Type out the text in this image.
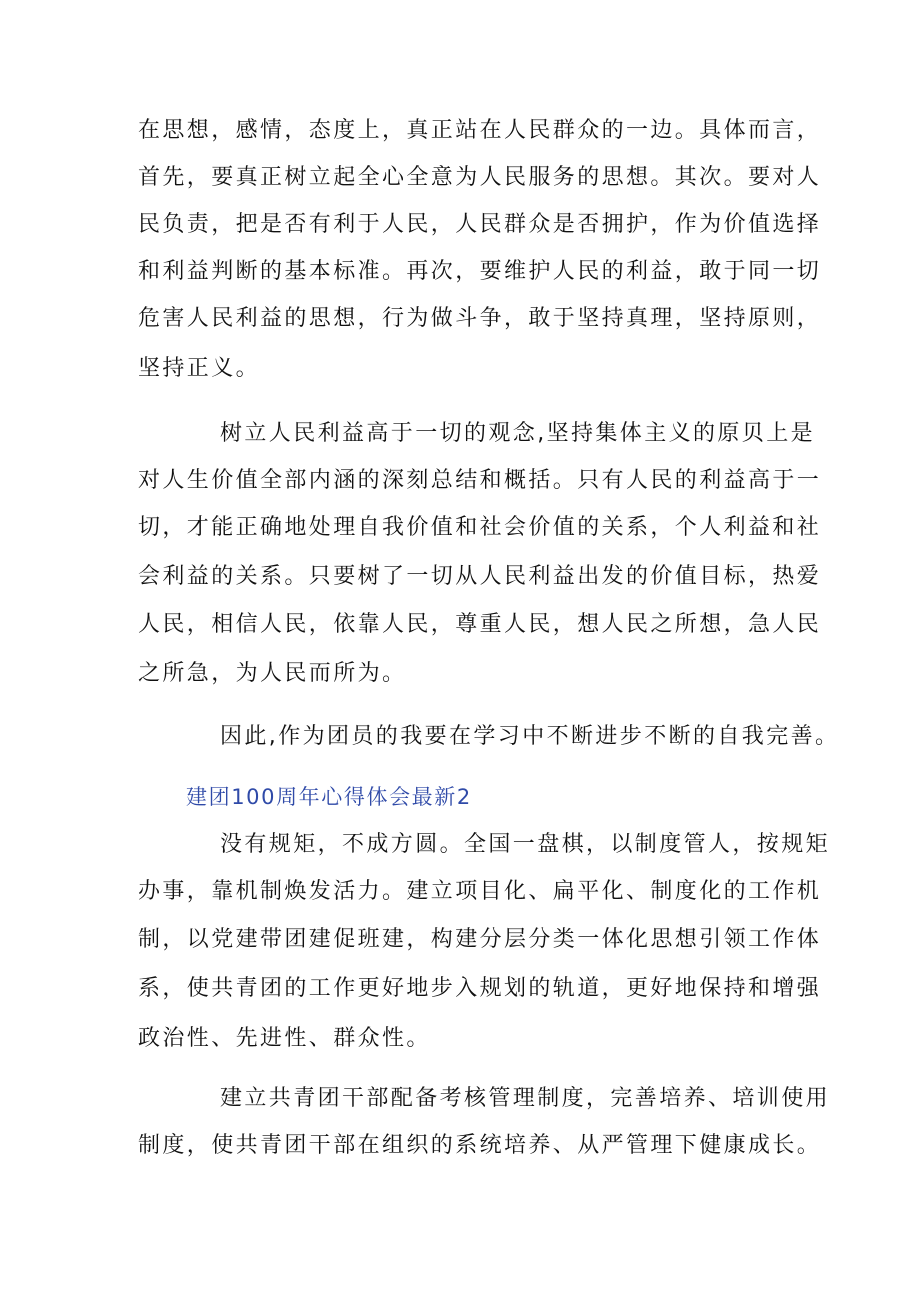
在思想，感情，态度上，真正站在人民群众的一边。具体而言，
首先，要真正树立起全心全意为人民服务的思想。其次。要对人
民负责，把是否有利于人民，人民群众是否拥护，作为价值选择
和利益判断的基本标准。再次，要维护人民的利益，敢于同一切
危害人民利益的思想，行为做斗争，敢于坚持真理，坚持原则，
坚持正义。
树立人民利益高于一切的观念,坚持集体主义的原贝上是
对人生价值全部内涵的深刻总结和概括。只有人民的利益高于一
切，才能正确地处理自我价值和社会价值的关系，个人利益和社
会利益的关系。只要树了一切从人民利益出发的价值目标，热爱
人民，相信人民，依靠人民，尊重人民，想人民之所想，急人民
之所急，为人民而所为。
因此,作为团员的我要在学习中不断进步不断的自我完善。
建团100周年心得体会最新2
没有规矩，不成方圆。全国一盘棋，以制度管人，按规矩
办事，靠机制焕发活力。建立项目化、扁平化、制度化的工作机
制，以党建带团建促班建，构建分层分类一体化思想引领工作体
系，使共青团的工作更好地步入规划的轨道，更好地保持和增强
政治性、先进性、群众性。
建立共青团干部配备考核管理制度，完善培养、培训使用
制度，使共青团干部在组织的系统培养、从严管理下健康成长。
